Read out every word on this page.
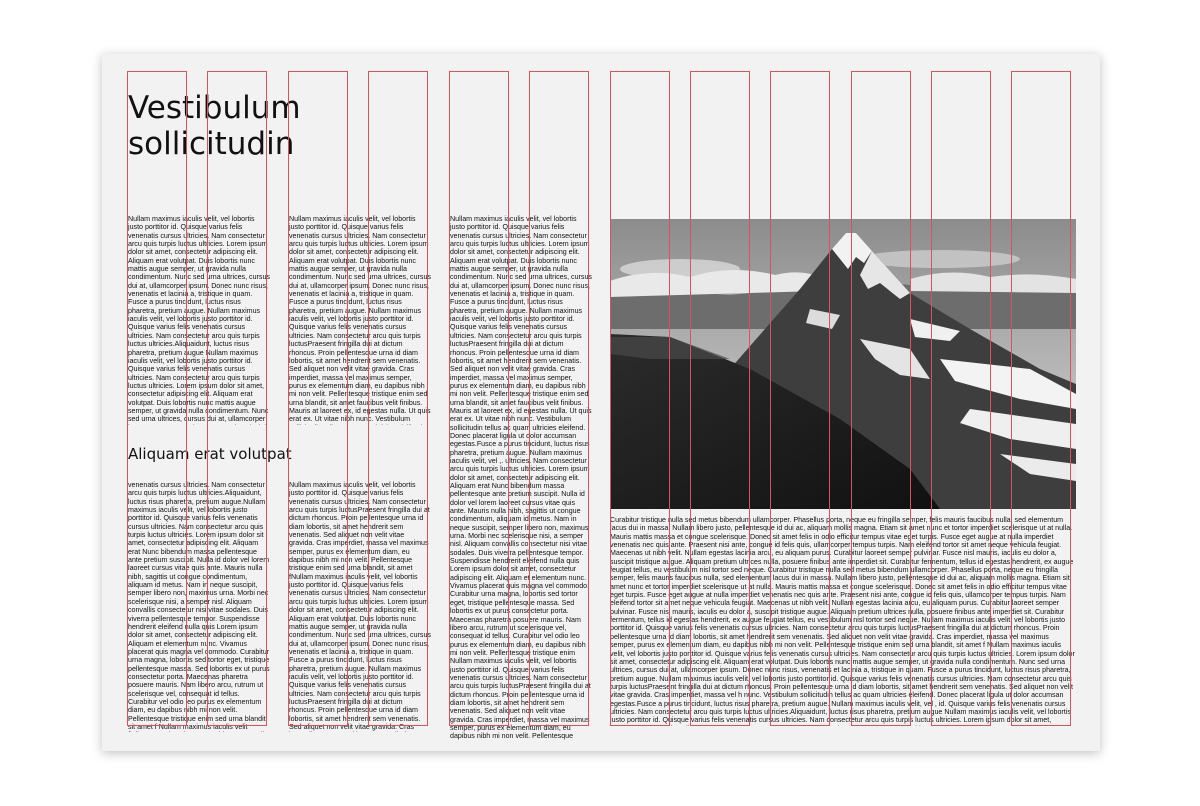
Vestibulum sollicitudin

Nullam maximus iaculis velit, vel lobortis justo porttitor id. Quisque varius felis venenatis cursus ultricies. Nam consectetur arcu quis turpis luctus ultricies. Lorem ipsum dolor sit amet, consectetur adipiscing elit. Aliquam erat volutpat. Duis lobortis nunc mattis augue semper, ut gravida nulla condimentum. Nunc sed urna ultrices, cursus dui at, ullamcorper ipsum. Donec nunc risus, venenatis et lacinia a, tristique in quam. Fusce a purus tincidunt, luctus risus pharetra, pretium augue. Nullam maximus iaculis velit, vel lobortis justo porttitor id. Quisque varius felis venenatis cursus ultricies. Nam consectetur arcu quis turpis luctus ultricies.Aliquaidunt, luctus risus pharetra, pretium augue Nullam maximus iaculis velit, vel lobortis justo porttitor id. Quisque varius felis venenatis cursus ultricies. Nam consectetur arcu quis turpis luctus ultricies. Lorem ipsum dolor sit amet, consectetur adipiscing elit. Aliquam erat volutpat. Duis lobortis nunc mattis augue semper, ut gravida nulla condimentum. Nunc sed urna ultrices, cursus dui at, ullamcorper

Aliquam erat volutpat

venenatis cursus ultricies. Nam consectetur arcu quis turpis luctus ultricies.Aliquaidunt, luctus risus pharetra, pretium augue.Nullam maximus iaculis velit, vel lobortis justo porttitor id. Quisque varius felis venenatis cursus ultricies. Nam consectetur arcu quis turpis luctus ultricies. Lorem ipsum dolor sit amet, consectetur adipiscing elit. Aliquam erat Nunc bibendum massa pellentesque ante pretium suscipit. Nulla id dolor vel lorem laoreet cursus vitae quis ante. Mauris nulla nibh, sagittis ut congue condimentum, aliquam id metus. Nam in neque suscipit, semper libero non, maximus urna. Morbi nec scelerisque nisi, a semper nisl. Aliquam convallis consectetur nisi vitae sodales. Duis viverra pellentesque tempor. Suspendisse hendrerit eleifend nulla quis Lorem ipsum dolor sit amet, consectetur adipiscing elit. Aliquam et elementum nunc. Vivamus placerat quis magna vel commodo. Curabitur urna magna, lobortis sed tortor eget, tristique pellentesque massa. Sed lobortis ex ut purus consectetur porta. Maecenas pharetra posuere mauris. Nam libero arcu, rutrum ut scelerisque vel, consequat id tellus. Curabitur vel odio leo purus ex elementum diam, eu dapibus nibh mi non velit. Pellentesque tristique enim sed urna blandit, sit amet f Nullam maximus iaculis velit

Nullam maximus iaculis velit, vel lobortis justo porttitor id. Quisque varius felis venenatis cursus ultricies. Nam consectetur arcu quis turpis luctus ultricies. Lorem ipsum dolor sit amet, consectetur adipiscing elit. Aliquam erat volutpat. Duis lobortis nunc mattis augue semper, ut gravida nulla condimentum. Nunc sed urna ultrices, cursus dui at, ullamcorper ipsum. Donec nunc risus, venenatis et lacinia a, tristique in quam. Fusce a purus tincidunt, luctus risus pharetra, pretium augue. Nullam maximus iaculis velit, vel lobortis justo porttitor id. Quisque varius felis venenatis cursus ultricies. Nam consectetur arcu quis turpis luctusPraesent fringilla dui at dictum rhoncus. Proin pellentesque urna id diam lobortis, sit amet hendrerit sem venenatis. Sed aliquet non velit vitae gravida. Cras imperdiet, massa vel maximus semper, purus ex elementum diam, eu dapibus nibh mi non velit. Pellentesque tristique enim sed urna blandit, sit amet faucibus velit finibus. Mauris at laoreet ex, id egestas nulla. Ut quis erat ex. Ut vitae nibh nunc. Vestibulum

Nullam maximus iaculis velit, vel lobortis justo porttitor id. Quisque varius felis venenatis cursus ultricies. Nam consectetur arcu quis turpis luctusPraesent fringilla dui at dictum rhoncus. Proin pellentesque urna id diam lobortis, sit amet hendrerit sem venenatis. Sed aliquet non velit vitae gravida. Cras imperdiet, massa vel maximus semper, purus ex elementum diam, eu dapibus nibh mi non velit. Pellentesque tristique enim sed urna blandit, sit amet fNullam maximus iaculis velit, vel lobortis justo porttitor id. Quisque varius felis venenatis cursus ultricies. Nam consectetur arcu quis turpis luctus ultricies. Lorem ipsum dolor sit amet, consectetur adipiscing elit. Aliquam erat volutpat. Duis lobortis nunc mattis augue semper, ut gravida nulla condimentum. Nunc sed urna ultrices, cursus dui at, ullamcorper ipsum. Donec nunc risus, venenatis et lacinia a, tristique in quam. Fusce a purus tincidunt, luctus risus pharetra, pretium augue. Nullam maximus iaculis velit, vel lobortis justo porttitor id. Quisque varius felis venenatis cursus ultricies. Nam consectetur arcu quis turpis luctusPraesent fringilla dui at dictum rhoncus. Proin pellentesque urna id diam lobortis, sit amet hendrerit sem venenatis. Sed aliquet non velit vitae gravida. Cras

Nullam maximus iaculis velit, vel lobortis justo porttitor id. Quisque varius felis venenatis cursus ultricies. Nam consectetur arcu quis turpis luctus ultricies. Lorem ipsum dolor sit amet, consectetur adipiscing elit. Aliquam erat volutpat. Duis lobortis nunc mattis augue semper, ut gravida nulla condimentum. Nunc sed urna ultrices, cursus dui at, ullamcorper ipsum. Donec nunc risus, venenatis et lacinia a, tristique in quam. Fusce a purus tincidunt, luctus risus pharetra, pretium augue. Nullam maximus iaculis velit, vel lobortis justo porttitor id. Quisque varius felis venenatis cursus ultricies. Nam consectetur arcu quis turpis luctusPraesent fringilla dui at dictum rhoncus. Proin pellentesque urna id diam lobortis, sit amet hendrerit sem venenatis. Sed aliquet non velit vitae gravida. Cras imperdiet, massa vel maximus semper, purus ex elementum diam, eu dapibus nibh mi non velit. Pellentesque tristique enim sed urna blandit, sit amet faucibus velit finibus. Mauris at laoreet ex, id egestas nulla. Ut quis erat ex. Ut vitae nibh nunc. Vestibulum sollicitudin tellus ac quam ultricies eleifend. Donec placerat ligula ut dolor accumsan egestas.Fusce a purus tincidunt, luctus risus pharetra, pretium augue. Nullam maximus iaculis velit, vel ,. ultricies. Nam consectetur arcu quis turpis luctus ultricies. Lorem ipsum dolor sit amet, consectetur adipiscing elit. Aliquam erat Nunc bibendum massa pellentesque ante pretium suscipit. Nulla id dolor vel lorem laoreet cursus vitae quis ante. Mauris nulla nibh, sagittis ut congue condimentum, aliquam id metus. Nam in neque suscipit, semper libero non, maximus urna. Morbi nec scelerisque nisi, a semper nisl. Aliquam convallis consectetur nisi vitae sodales. Duis viverra pellentesque tempor. Suspendisse hendrerit eleifend nulla quis Lorem ipsum dolor sit amet, consectetur adipiscing elit. Aliquam et elementum nunc. Vivamus placerat quis magna vel commodo. Curabitur urna magna, lobortis sed tortor eget, tristique pellentesque massa. Sed lobortis ex ut purus consectetur porta. Maecenas pharetra posuere mauris. Nam libero arcu, rutrum ut scelerisque vel, consequat id tellus. Curabitur vel odio leo purus ex elementum diam, eu dapibus nibh mi non velit. Pellentesque tristique enim Nullam maximus iaculis velit, vel lobortis justo porttitor id. Quisque varius felis venenatis cursus ultricies. Nam consectetur arcu quis turpis luctusPraesent fringilla dui at dictum rhoncus. Proin pellentesque urna id diam lobortis, sit amet hendrerit sem venenatis. Sed aliquet non velit vitae gravida. Cras imperdiet, massa vel maximus semper, purus ex elementum diam, eu dapibus nibh mi non velit. Pellentesque

Curabitur tristique nulla sed metus bibendum ullamcorper. Phasellus porta, neque eu fringilla semper, felis mauris faucibus nulla, sed elementum lacus dui in massa. Nullam libero justo, pellentesque id dui ac, aliquam mollis magna. Etiam sit amet nunc et tortor imperdiet scelerisque ut at nulla. Mauris mattis massa et congue scelerisque. Donec sit amet felis in odio efficitur tempus vitae eget turpis. Fusce eget augue at nulla imperdiet venenatis nec quis ante. Praesent nisi ante, congue id felis quis, ullamcorper tempus turpis. Nam eleifend tortor sit amet neque vehicula feugiat. Maecenas ut nibh velit. Nullam egestas lacinia arcu, eu aliquam purus. Curabitur laoreet semper pulvinar. Fusce nisl mauris, iaculis eu dolor a, suscipit tristique augue. Aliquam pretium ultrices nulla, posuere finibus ante imperdiet sit. Curabitur fermentum, tellus id egestas hendrerit, ex augue feugiat tellus, eu vestibulum nisl tortor sed neque. Curabitur tristique nulla sed metus bibendum ullamcorper. Phasellus porta, neque eu fringilla semper, felis mauris faucibus nulla, sed elementum lacus dui in massa. Nullam libero justo, pellentesque id dui ac, aliquam mollis magna. Etiam sit amet nunc et tortor imperdiet scelerisque ut at nulla. Mauris mattis massa et congue scelerisque. Donec sit amet felis in odio efficitur tempus vitae eget turpis. Fusce eget augue at nulla imperdiet venenatis nec quis ante. Praesent nisi ante, congue id felis quis, ullamcorper tempus turpis. Nam eleifend tortor sit amet neque vehicula feugiat. Maecenas ut nibh velit. Nullam egestas lacinia arcu, eu aliquam purus. Curabitur laoreet semper pulvinar. Fusce nisl mauris, iaculis eu dolor a, suscipit tristique augue. Aliquam pretium ultrices nulla, posuere finibus ante imperdiet sit. Curabitur fermentum, tellus id egestas hendrerit, ex augue feugiat tellus, eu vestibulum nisl tortor sed neque. Nullam maximus iaculis velit, vel lobortis justo porttitor id. Quisque varius felis venenatis cursus ultricies. Nam consectetur arcu quis turpis luctusPraesent fringilla dui at dictum rhoncus. Proin pellentesque urna id diam lobortis, sit amet hendrerit sem venenatis. Sed aliquet non velit vitae gravida. Cras imperdiet, massa vel maximus semper, purus ex elementum diam, eu dapibus nibh mi non velit. Pellentesque tristique enim sed urna blandit, sit amet f Nullam maximus iaculis velit, vel lobortis justo porttitor id. Quisque varius felis venenatis cursus ultricies. Nam consectetur arcu quis turpis luctus ultricies. Lorem ipsum dolor sit amet, consectetur adipiscing elit. Aliquam erat volutpat. Duis lobortis nunc mattis augue semper, ut gravida nulla condimentum. Nunc sed urna ultrices, cursus dui at, ullamcorper ipsum. Donec nunc risus, venenatis et lacinia a, tristique in quam. Fusce a purus tincidunt, luctus risus pharetra, pretium augue. Nullam maximus iaculis velit, vel lobortis justo porttitor id. Quisque varius felis venenatis cursus ultricies. Nam consectetur arcu quis turpis luctusPraesent fringilla dui at dictum rhoncus. Proin pellentesque urna id diam lobortis, sit amet hendrerit sem venenatis. Sed aliquet non velit vitae gravida. Cras imperdiet, massa vel h nunc. Vestibulum sollicitudin tellus ac quam ultricies eleifend. Donec placerat ligula ut dolor accumsan egestas.Fusce a purus tincidunt, luctus risus pharetra, pretium augue. Nullam maximus iaculis velit, vel , id. Quisque varius felis venenatis cursus ultricies. Nam consectetur arcu quis turpis luctus ultricies.Aliquaidunt, luctus risus pharetra, pretium augue Nullam maximus iaculis velit, vel lobortis justo porttitor id. Quisque varius felis venenatis cursus ultricies. Nam consectetur arcu quis turpis luctus ultricies. Lorem ipsum dolor sit amet,
